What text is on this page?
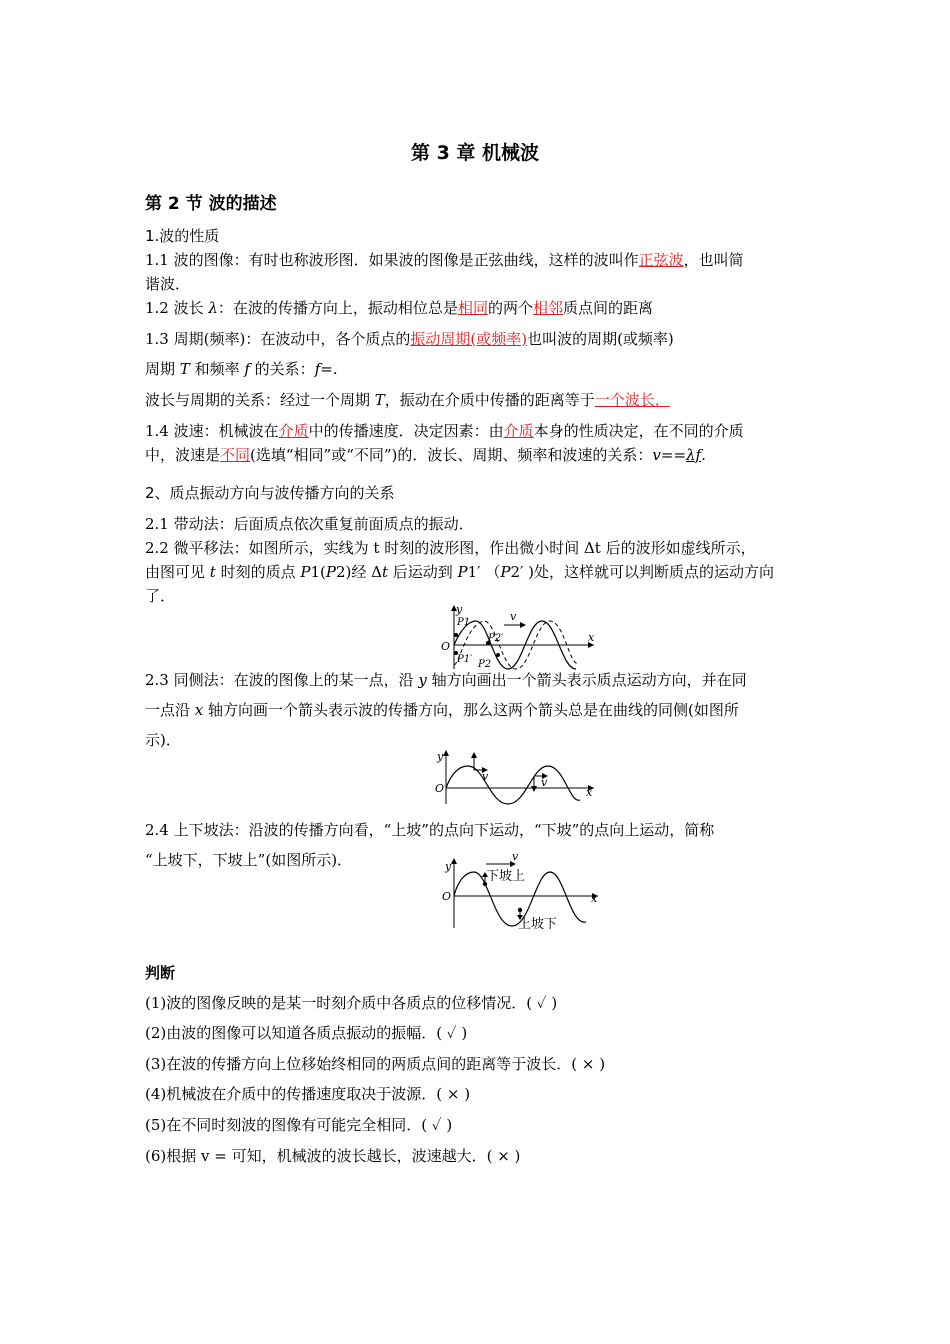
第 3 章 机械波
第 2 节 波的描述
1.波的性质
1.1 波的图像：有时也称波形图．如果波的图像是正弦曲线，这样的波叫作正弦波，也叫简
谐波．
1.2 波长 λ：在波的传播方向上，振动相位总是相同的两个相邻质点间的距离
1.3 周期(频率)：在波动中，各个质点的振动周期(或频率)也叫波的周期(或频率)
周期 T 和频率 f 的关系：f=.
波长与周期的关系：经过一个周期 T，振动在介质中传播的距离等于一个波长．
1.4 波速：机械波在介质中的传播速度．决定因素：由介质本身的性质决定，在不同的介质
中，波速是不同(选填“相同”或“不同”)的．波长、周期、频率和波速的关系：v==λf.
2、质点振动方向与波传播方向的关系
2.1 带动法：后面质点依次重复前面质点的振动．
2.2 微平移法：如图所示，实线为 t 时刻的波形图，作出微小时间 Δt 后的波形如虚线所示，
由图可见 t 时刻的质点 P1(P2)经 Δt 后运动到 P1′ （P2′ )处，这样就可以判断质点的运动方向
了．
y
v
O
x
P1
P2′
P1′ P2
2.3 同侧法：在波的图像上的某一点，沿 y 轴方向画出一个箭头表示质点运动方向，并在同
一点沿 x 轴方向画一个箭头表示波的传播方向，那么这两个箭头总是在曲线的同侧(如图所
示)．
y
v	v
O	x
2.4 上下坡法：沿波的传播方向看，“上坡”的点向下运动，“下坡”的点向上运动，简称
“上坡下，下坡上”(如图所示)．	y
v
O	x
下坡上
上坡下
判断
(1)波的图像反映的是某一时刻介质中各质点的位移情况．( ✓ )
(2)由波的图像可以知道各质点振动的振幅．( ✓ )
(3)在波的传播方向上位移始终相同的两质点间的距离等于波长．( × )
(4)机械波在介质中的传播速度取决于波源．( × )
(5)在不同时刻波的图像有可能完全相同．( ✓ )
(6)根据 v = 可知，机械波的波长越长，波速越大．( × )
